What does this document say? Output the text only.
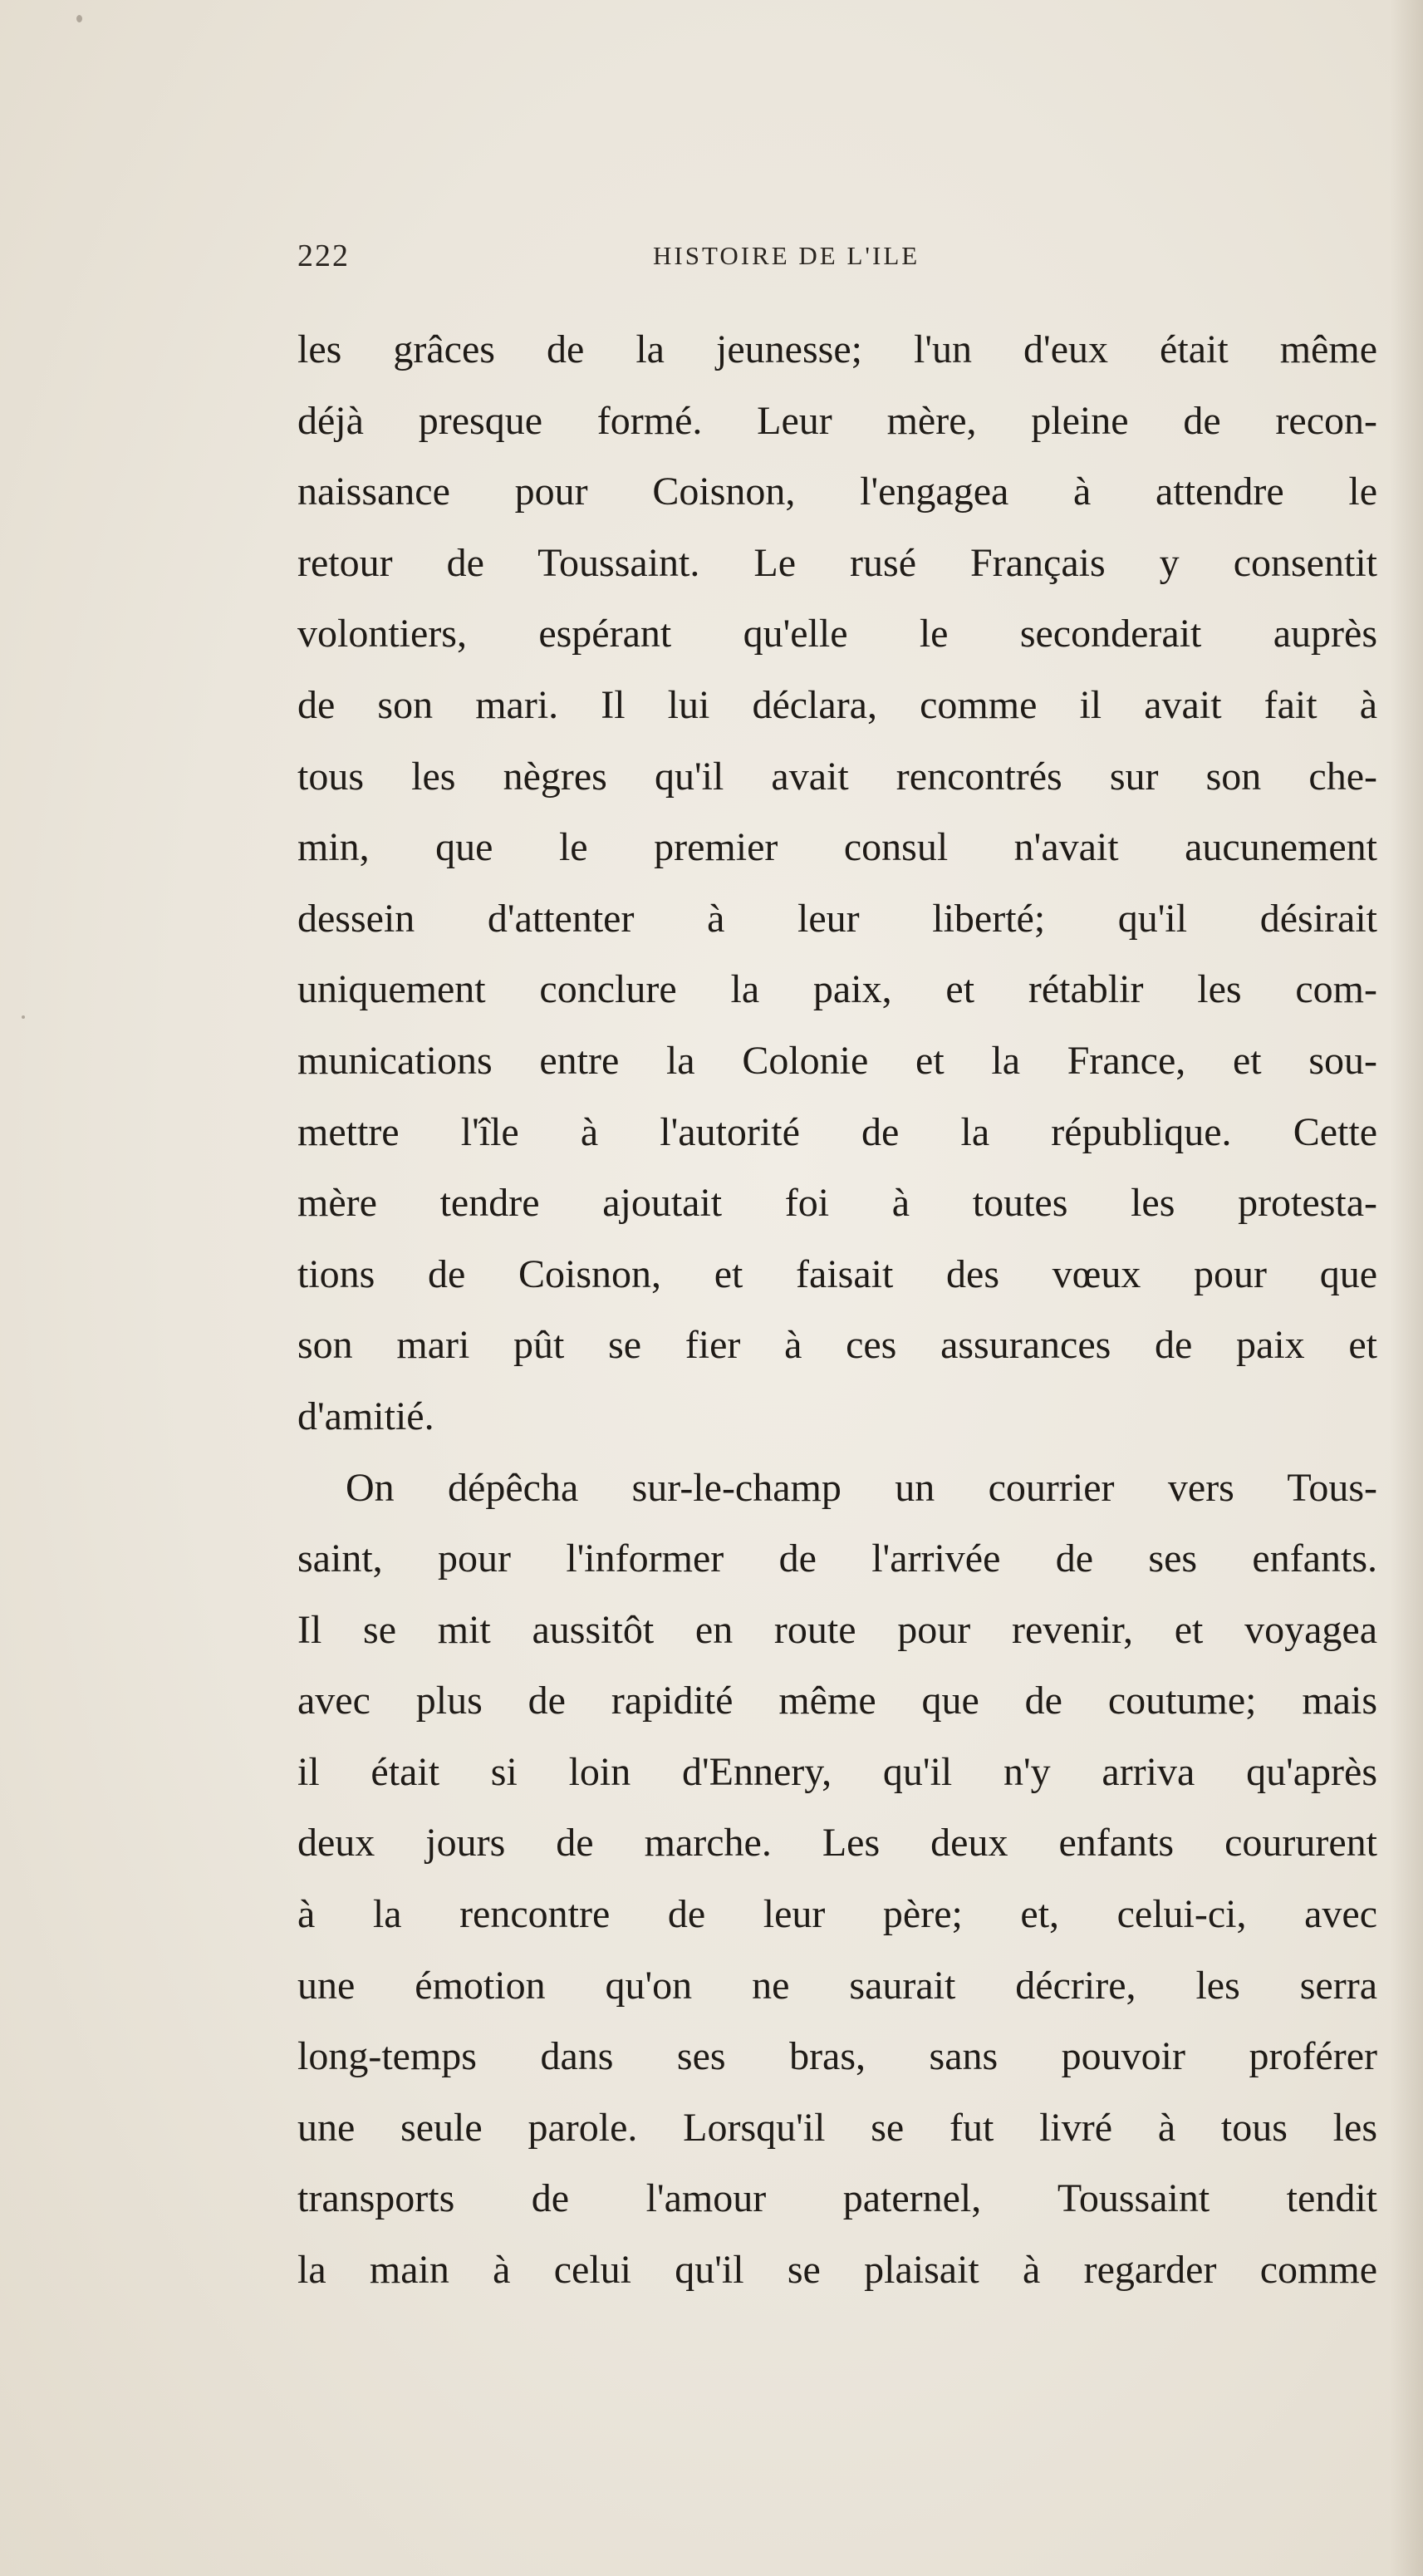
222	HISTOIRE DE L'ILE
les grâces de la jeunesse; l'un d'eux était même
déjà presque formé. Leur mère, pleine de recon-
naissance pour Coisnon, l'engagea à attendre le
retour de Toussaint. Le rusé Français y consentit
volontiers, espérant qu'elle le seconderait auprès
de son mari. Il lui déclara, comme il avait fait à
tous les nègres qu'il avait rencontrés sur son che-
min, que le premier consul n'avait aucunement
dessein d'attenter à leur liberté; qu'il désirait
uniquement conclure la paix, et rétablir les com-
munications entre la Colonie et la France, et sou-
mettre l'île à l'autorité de la république. Cette
mère tendre ajoutait foi à toutes les protesta-
tions de Coisnon, et faisait des vœux pour que
son mari pût se fier à ces assurances de paix et
d'amitié.
On dépêcha sur-le-champ un courrier vers Tous-
saint, pour l'informer de l'arrivée de ses enfants.
Il se mit aussitôt en route pour revenir, et voyagea
avec plus de rapidité même que de coutume; mais
il était si loin d'Ennery, qu'il n'y arriva qu'après
deux jours de marche. Les deux enfants coururent
à la rencontre de leur père; et, celui-ci, avec
une émotion qu'on ne saurait décrire, les serra
long-temps dans ses bras, sans pouvoir proférer
une seule parole. Lorsqu'il se fut livré à tous les
transports de l'amour paternel, Toussaint tendit
la main à celui qu'il se plaisait à regarder comme
